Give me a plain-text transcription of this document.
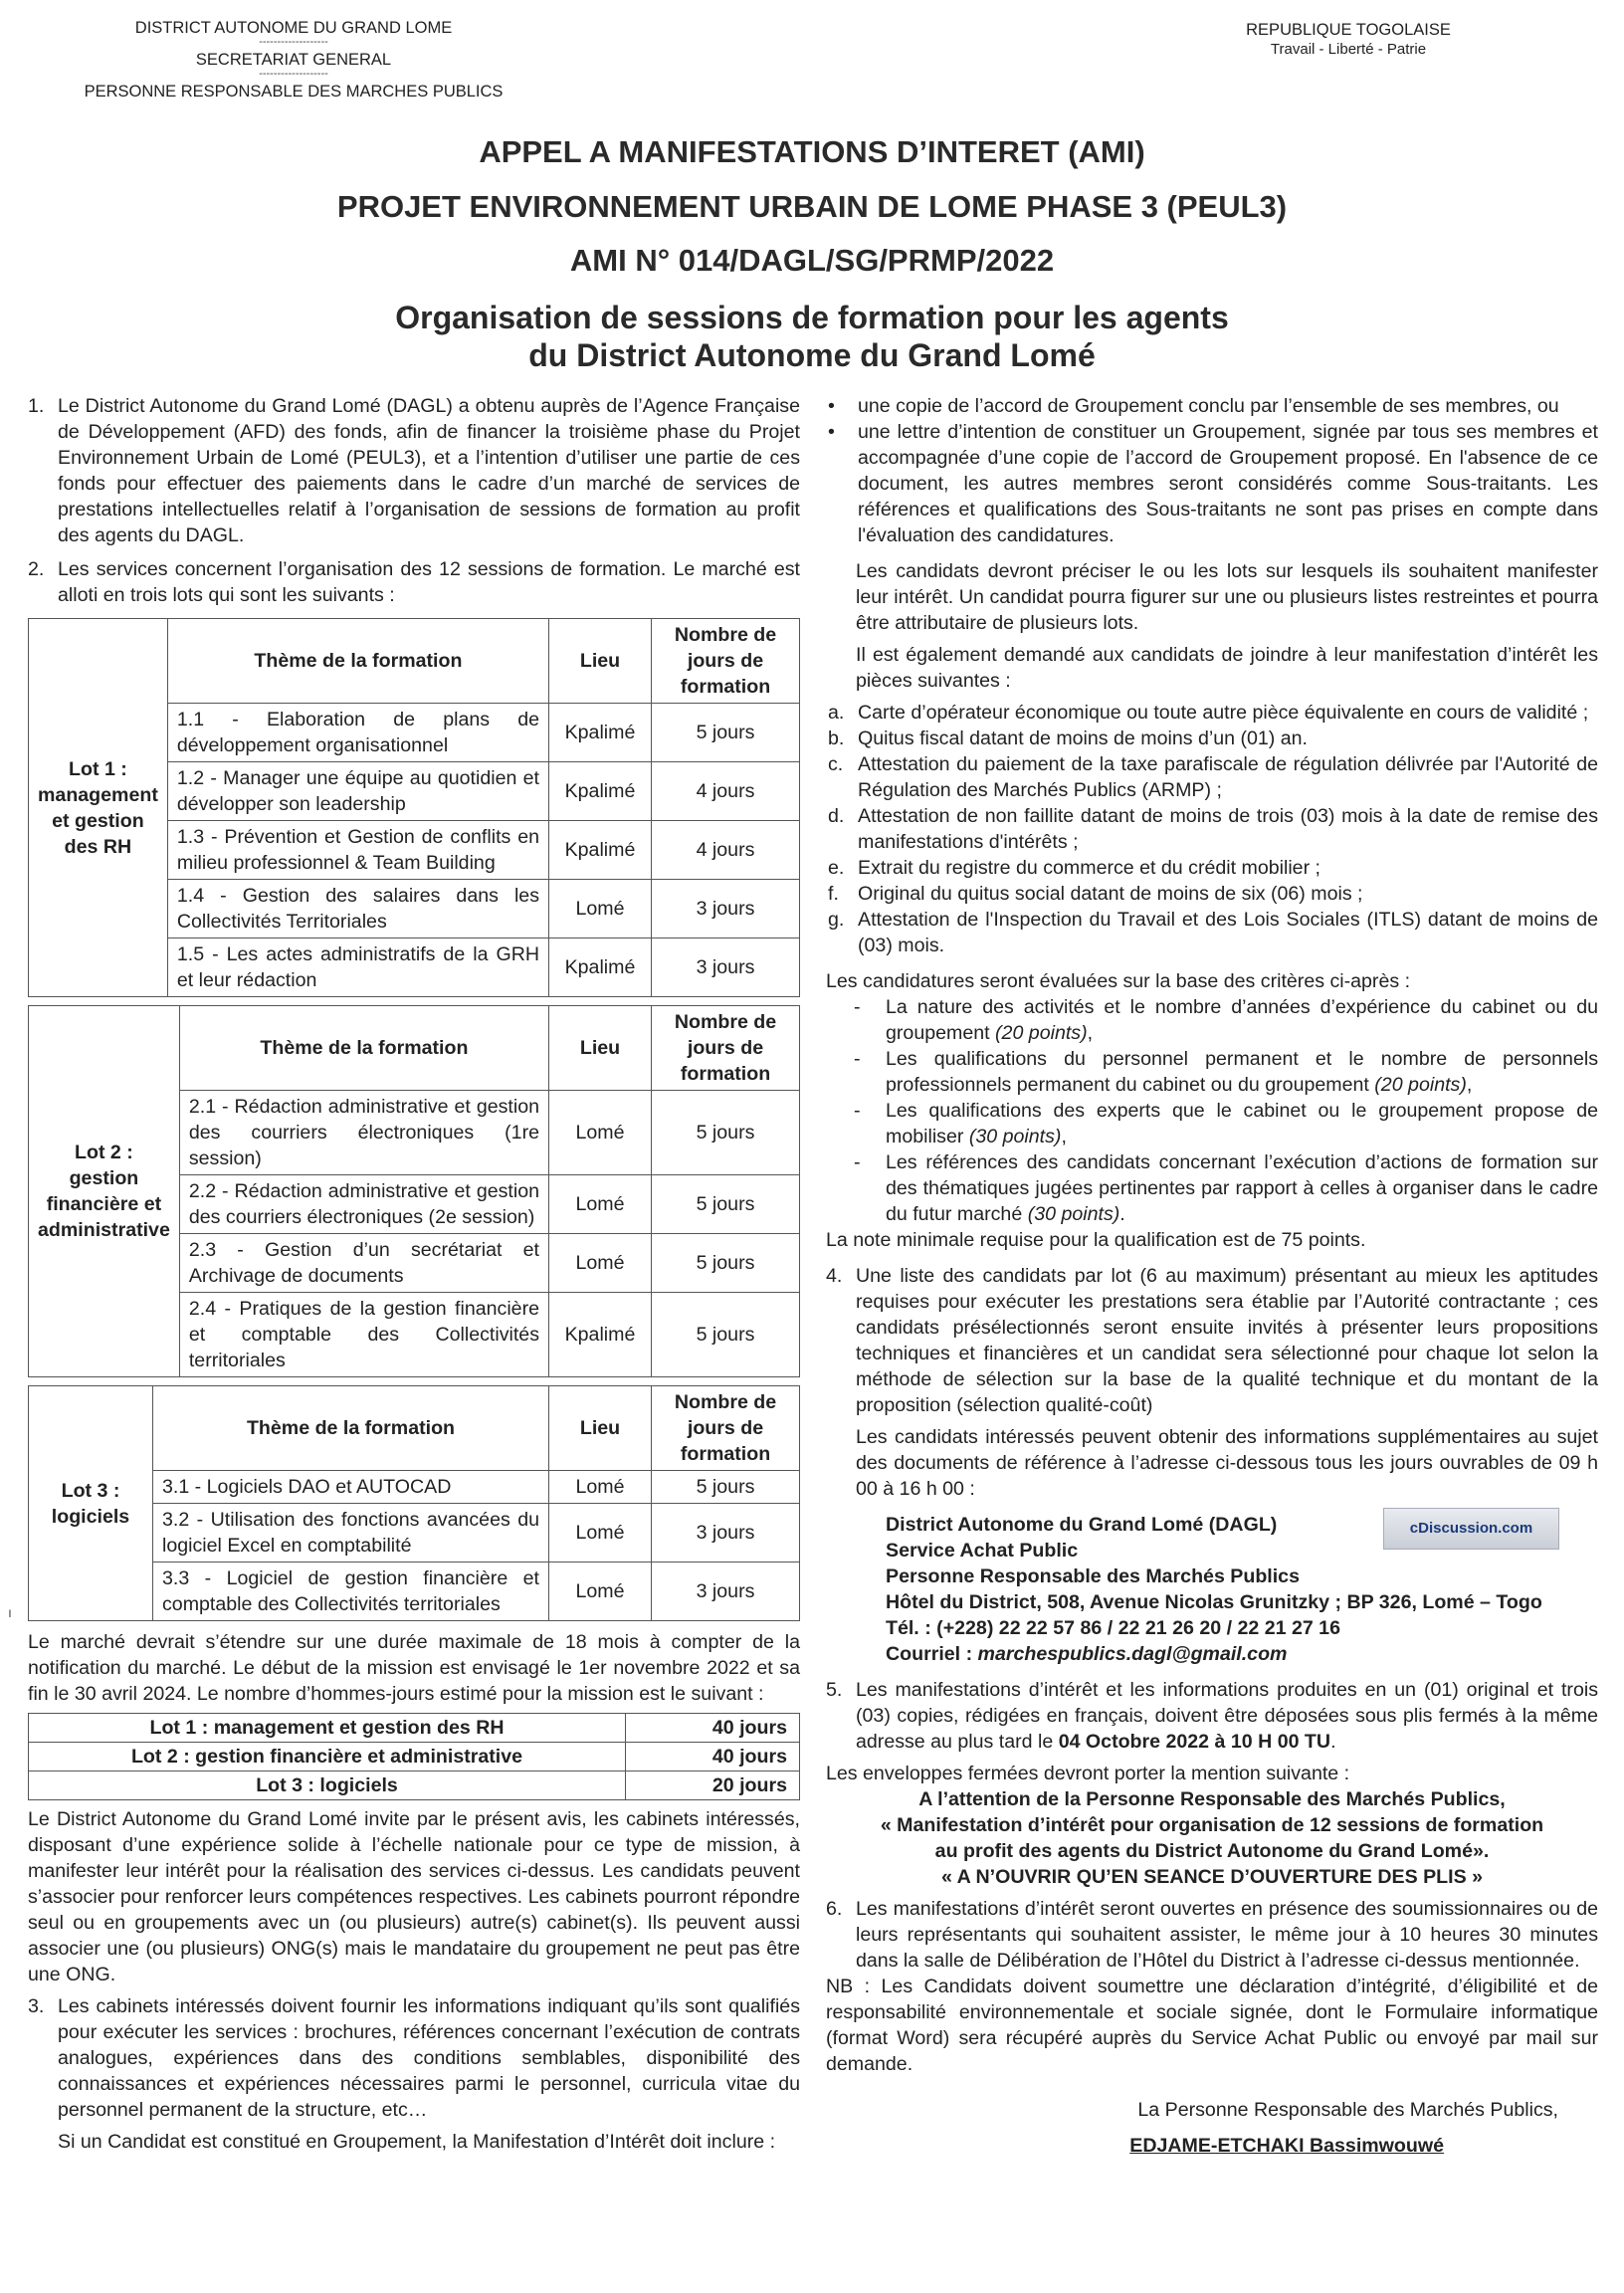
DISTRICT AUTONOME DU GRAND LOME
-------------------
SECRETARIAT GENERAL
-------------------
PERSONNE RESPONSABLE DES MARCHES PUBLICS
REPUBLIQUE TOGOLAISE
Travail - Liberté - Patrie
APPEL A MANIFESTATIONS D’INTERET (AMI)
PROJET ENVIRONNEMENT URBAIN DE LOME PHASE 3 (PEUL3)
AMI N° 014/DAGL/SG/PRMP/2022
Organisation de sessions de formation pour les agents
du District Autonome du Grand Lomé
1. Le District Autonome du Grand Lomé (DAGL) a obtenu auprès de l’Agence Française de Développement (AFD) des fonds, afin de financer la troisième phase du Projet Environnement Urbain de Lomé (PEUL3), et a l’intention d’utiliser une partie de ces fonds pour effectuer des paiements dans le cadre d’un marché de services de prestations intellectuelles relatif à l’organisation de sessions de formation au profit des agents du DAGL.
2. Les services concernent l’organisation des 12 sessions de formation. Le marché est alloti en trois lots qui sont les suivants :
Lot 1 : management et gestion des RH	Thème de la formation	Lieu	Nombre de jours de formation
	1.1 - Elaboration de plans de développement organisationnel	Kpalimé	5 jours
	1.2 - Manager une équipe au quotidien et développer son leadership	Kpalimé	4 jours
	1.3 - Prévention et Gestion de conflits en milieu professionnel & Team Building	Kpalimé	4 jours
	1.4 - Gestion des salaires dans les Collectivités Territoriales	Lomé	3 jours
	1.5 - Les actes administratifs de la GRH et leur rédaction	Kpalimé	3 jours
Lot 2 : gestion financière et administrative	Thème de la formation	Lieu	Nombre de jours de formation
	2.1 - Rédaction administrative et gestion des courriers électroniques (1re session)	Lomé	5 jours
	2.2 - Rédaction administrative et gestion des courriers électroniques (2e session)	Lomé	5 jours
	2.3 - Gestion d’un secrétariat et Archivage de documents	Lomé	5 jours
	2.4 - Pratiques de la gestion financière et comptable des Collectivités territoriales	Kpalimé	5 jours
Lot 3 : logiciels	Thème de la formation	Lieu	Nombre de jours de formation
	3.1 - Logiciels DAO et AUTOCAD	Lomé	5 jours
	3.2 - Utilisation des fonctions avancées du logiciel Excel en comptabilité	Lomé	3 jours
	3.3 - Logiciel de gestion financière et comptable des Collectivités territoriales	Lomé	3 jours

Le marché devrait s’étendre sur une durée maximale de 18 mois à compter de la notification du marché. Le début de la mission est envisagé le 1er novembre 2022 et sa fin le 30 avril 2024. Le nombre d’hommes-jours estimé pour la mission est le suivant :

Lot 1 : management et gestion des RH	40 jours
Lot 2 : gestion financière et administrative	40 jours
Lot 3 : logiciels	20 jours

Le District Autonome du Grand Lomé invite par le présent avis, les cabinets intéressés, disposant d’une expérience solide à l’échelle nationale pour ce type de mission, à manifester leur intérêt pour la réalisation des services ci-dessus. Les candidats peuvent s’associer pour renforcer leurs compétences respectives. Les cabinets pourront répondre seul ou en groupements avec un (ou plusieurs) autre(s) cabinet(s). Ils peuvent aussi associer une (ou plusieurs) ONG(s) mais le mandataire du groupement ne peut pas être une ONG.

3. Les cabinets intéressés doivent fournir les informations indiquant qu’ils sont qualifiés pour exécuter les services : brochures, références concernant l’exécution de contrats analogues, expériences dans des conditions semblables, disponibilité des connaissances et expériences nécessaires parmi le personnel, curricula vitae du personnel permanent de la structure, etc…

Si un Candidat est constitué en Groupement, la Manifestation d’Intérêt doit inclure :

•	une copie de l’accord de Groupement conclu par l’ensemble de ses membres, ou
•	une lettre d’intention de constituer un Groupement, signée par tous ses membres et accompagnée d’une copie de l’accord de Groupement proposé. En l'absence de ce document, les autres membres seront considérés comme Sous-traitants. Les références et qualifications des Sous-traitants ne sont pas prises en compte dans l'évaluation des candidatures.

Les candidats devront préciser le ou les lots sur lesquels ils souhaitent manifester leur intérêt. Un candidat pourra figurer sur une ou plusieurs listes restreintes et pourra être attributaire de plusieurs lots.

Il est également demandé aux candidats de joindre à leur manifestation d’intérêt les pièces suivantes :

a. Carte d’opérateur économique ou toute autre pièce équivalente en cours de validité ;
b. Quitus fiscal datant de moins de moins d’un (01) an.
c. Attestation du paiement de la taxe parafiscale de régulation délivrée par l'Autorité de Régulation des Marchés Publics (ARMP) ;
d. Attestation de non faillite datant de moins de trois (03) mois à la date de remise des manifestations d'intérêts ;
e. Extrait du registre du commerce et du crédit mobilier ;
f. Original du quitus social datant de moins de six (06) mois ;
g. Attestation de l'Inspection du Travail et des Lois Sociales (ITLS) datant de moins de (03) mois.

Les candidatures seront évaluées sur la base des critères ci-après :

-	La nature des activités et le nombre d’années d’expérience du cabinet ou du groupement (20 points),
-	Les qualifications du personnel permanent et le nombre de personnels professionnels permanent du cabinet ou du groupement (20 points),
-	Les qualifications des experts que le cabinet ou le groupement propose de mobiliser (30 points),
-	Les références des candidats concernant l’exécution d’actions de formation sur des thématiques jugées pertinentes par rapport à celles à organiser dans le cadre du futur marché (30 points).

La note minimale requise pour la qualification est de 75 points.

4. Une liste des candidats par lot (6 au maximum) présentant au mieux les aptitudes requises pour exécuter les prestations sera établie par l’Autorité contractante ; ces candidats présélectionnés seront ensuite invités à présenter leurs propositions techniques et financières et un candidat sera sélectionné pour chaque lot selon la méthode de sélection sur la base de la qualité technique et du montant de la proposition (sélection qualité-coût)

Les candidats intéressés peuvent obtenir des informations supplémentaires au sujet des documents de référence à l’adresse ci-dessous tous les jours ouvrables de 09 h 00 à 16 h 00 :

cDiscussion.com
District Autonome du Grand Lomé (DAGL)
Service Achat Public
Personne Responsable des Marchés Publics
Hôtel du District, 508, Avenue Nicolas Grunitzky ; BP 326, Lomé – Togo
Tél. : (+228) 22 22 57 86 / 22 21 26 20 / 22 21 27 16
Courriel : marchespublics.dagl@gmail.com
5. Les manifestations d’intérêt et les informations produites en un (01) original et trois (03) copies, rédigées en français, doivent être déposées sous plis fermés à la même adresse au plus tard le 04 Octobre 2022 à 10 H 00 TU.

Les enveloppes fermées devront porter la mention suivante :

A l’attention de la Personne Responsable des Marchés Publics,
« Manifestation d’intérêt pour organisation de 12 sessions de formation
au profit des agents du District Autonome du Grand Lomé».
« A N’OUVRIR QU’EN SEANCE D’OUVERTURE DES PLIS »
6. Les manifestations d’intérêt seront ouvertes en présence des soumissionnaires ou de leurs représentants qui souhaitent assister, le même jour à 10 heures 30 minutes dans la salle de Délibération de l’Hôtel du District à l’adresse ci-dessus mentionnée.

NB : Les Candidats doivent soumettre une déclaration d’intégrité, d’éligibilité et de responsabilité environnementale et sociale signée, dont le Formulaire informatique (format Word) sera récupéré auprès du Service Achat Public ou envoyé par mail sur demande.

La Personne Responsable des Marchés Publics,
EDJAME-ETCHAKI Bassimwouwé
ı
